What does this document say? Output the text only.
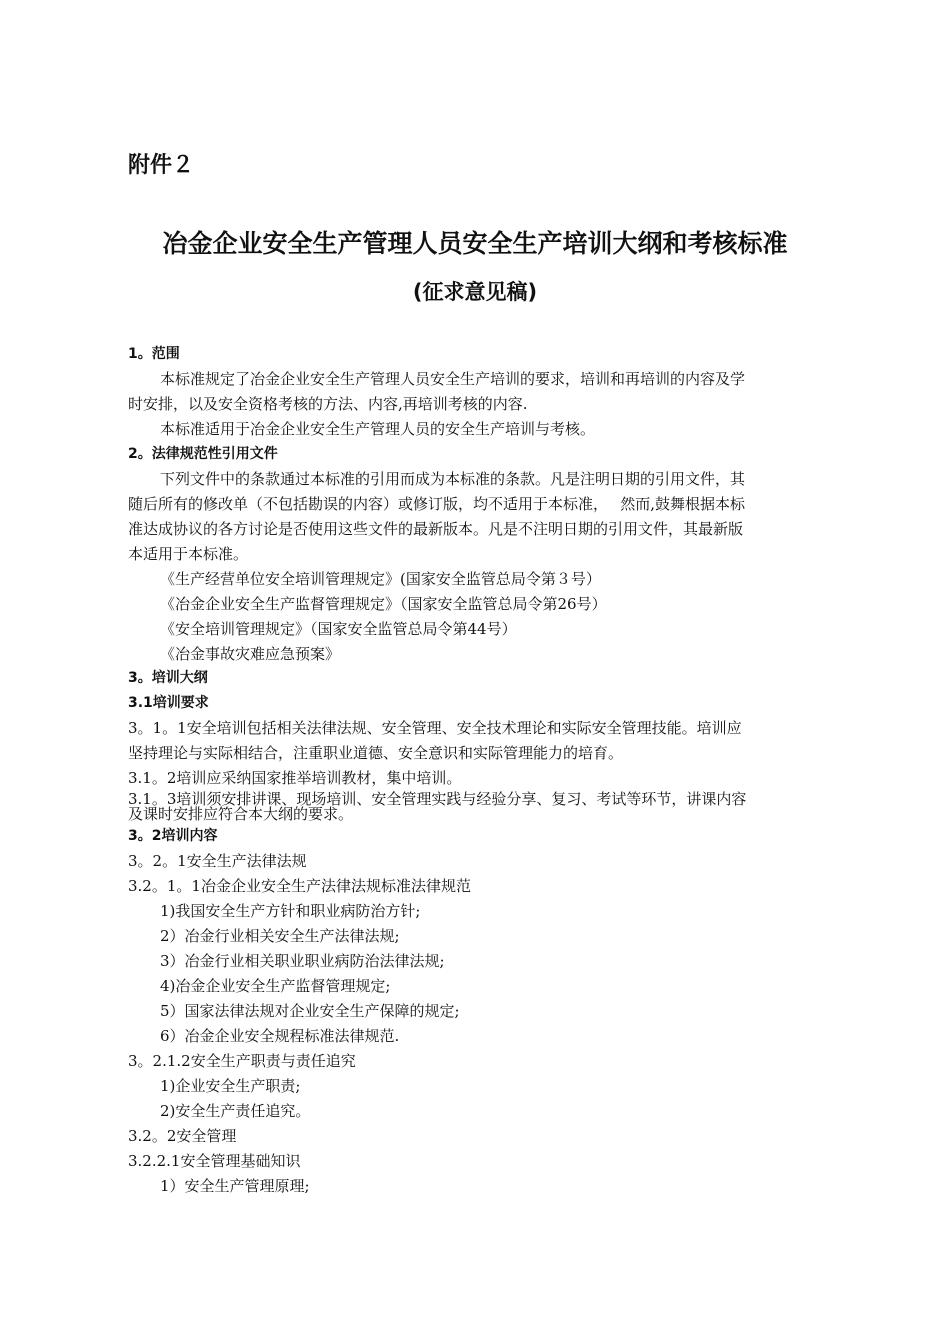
附件２
冶金企业安全生产管理人员安全生产培训大纲和考核标准
(征求意见稿)
1。范围
本标准规定了冶金企业安全生产管理人员安全生产培训的要求，培训和再培训的内容及学
时安排，以及安全资格考核的方法、内容,再培训考核的内容.
本标准适用于冶金企业安全生产管理人员的安全生产培训与考核。
2。法律规范性引用文件
下列文件中的条款通过本标准的引用而成为本标准的条款。凡是注明日期的引用文件，其
随后所有的修改单（不包括勘误的内容）或修订版，均不适用于本标准，　 然而,鼓舞根据本标
准达成协议的各方讨论是否使用这些文件的最新版本。凡是不注明日期的引用文件，其最新版
本适用于本标准。
《生产经营单位安全培训管理规定》(国家安全监管总局令第３号）
《冶金企业安全生产监督管理规定》（国家安全监管总局令第26号）
《安全培训管理规定》（国家安全监管总局令第44号）
《冶金事故灾难应急预案》
3。培训大纲
3.1培训要求
3。1。1安全培训包括相关法律法规、安全管理、安全技术理论和实际安全管理技能。培训应
坚持理论与实际相结合，注重职业道德、安全意识和实际管理能力的培育。
3.1。2培训应采纳国家推举培训教材，集中培训。
3.1。3培训须安排讲课、现场培训、安全管理实践与经验分享、复习、考试等环节，讲课内容
及课时安排应符合本大纲的要求。
3。2培训内容
3。2。1安全生产法律法规
3.2。1。1冶金企业安全生产法律法规标准法律规范
1)我国安全生产方针和职业病防治方针;
2）冶金行业相关安全生产法律法规;
3）冶金行业相关职业职业病防治法律法规;
4)冶金企业安全生产监督管理规定;
5）国家法律法规对企业安全生产保障的规定;
6）冶金企业安全规程标准法律规范.
3。2.1.2安全生产职责与责任追究
1)企业安全生产职责;
2)安全生产责任追究。
3.2。2安全管理
3.2.2.1安全管理基础知识
1）安全生产管理原理;
